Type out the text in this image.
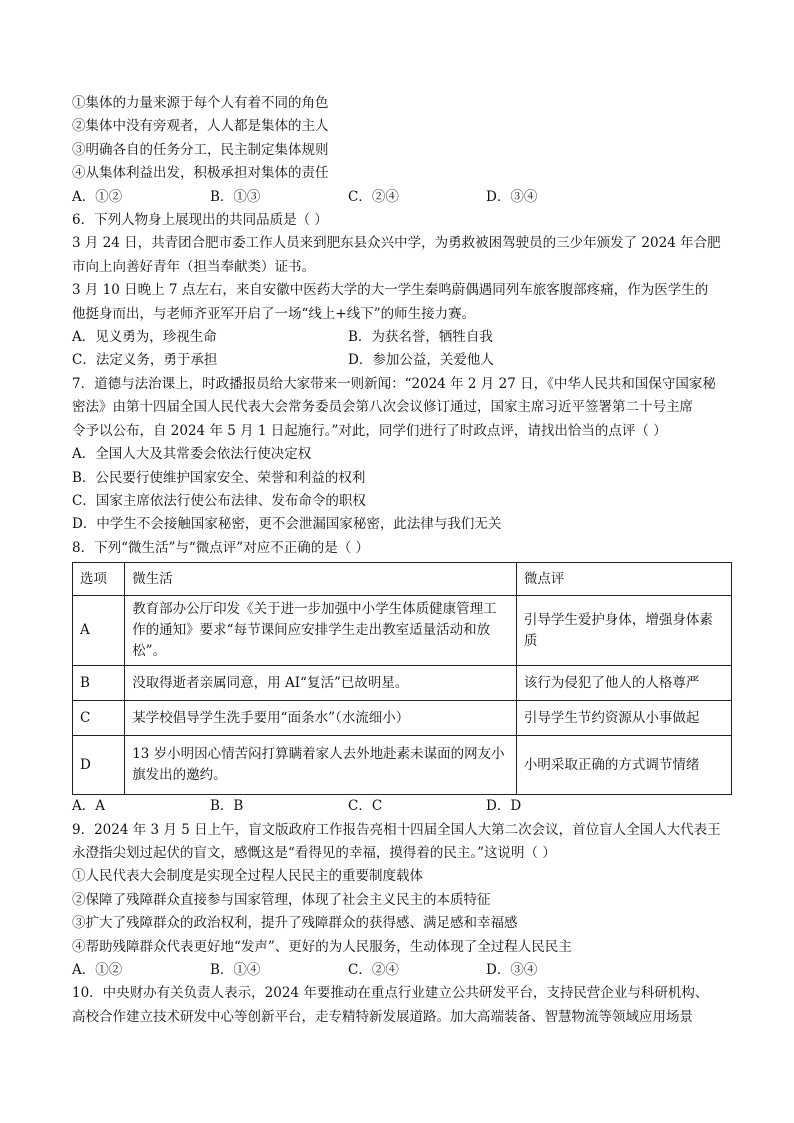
①集体的力量来源于每个人有着不同的角色
②集体中没有旁观者，人人都是集体的主人
③明确各自的任务分工，民主制定集体规则
④从集体利益出发，积极承担对集体的责任
A．①②	B．①③	C．②④	D．③④
6．下列人物身上展现出的共同品质是（ ）
3 月 24 日，共青团合肥市委工作人员来到肥东县众兴中学，为勇救被困驾驶员的三少年颁发了 2024 年合肥
市向上向善好青年（担当奉献类）证书。
3 月 10 日晚上 7 点左右，来自安徽中医药大学的大一学生秦鸣蔚偶遇同列车旅客腹部疼痛，作为医学生的
他挺身而出，与老师齐亚军开启了一场“线上+线下”的师生接力赛。
A．见义勇为，珍视生命	B．为获名誉，牺牲自我
C．法定义务，勇于承担	D．参加公益，关爱他人
7．道德与法治课上，时政播报员给大家带来一则新闻：“2024 年 2 月 27 日，《中华人民共和国保守国家秘
密法》由第十四届全国人民代表大会常务委员会第八次会议修订通过，国家主席习近平签署第二十号主席
令予以公布，自 2024 年 5 月 1 日起施行。”对此，同学们进行了时政点评，请找出恰当的点评（ ）
A．全国人大及其常委会依法行使决定权
B．公民要行使维护国家安全、荣誉和利益的权利
C．国家主席依法行使公布法律、发布命令的职权
D．中学生不会接触国家秘密，更不会泄漏国家秘密，此法律与我们无关
8．下列“微生活”与“微点评”对应不正确的是（ ）
选项	微生活	微点评
A	教育部办公厅印发《关于进一步加强中小学生体质健康管理工作的通知》要求“每节课间应安排学生走出教室适量活动和放松”。	引导学生爱护身体，增强身体素质
B	没取得逝者亲属同意，用 AI“复活”已故明星。	该行为侵犯了他人的人格尊严
C	某学校倡导学生洗手要用“面条水”（水流细小）	引导学生节约资源从小事做起
D	13 岁小明因心情苦闷打算瞒着家人去外地赴素未谋面的网友小旗发出的邀约。	小明采取正确的方式调节情绪
A．A	B．B	C．C	D．D
9．2024 年 3 月 5 日上午，盲文版政府工作报告亮相十四届全国人大第二次会议，首位盲人全国人大代表王
永澄指尖划过起伏的盲文，感慨这是“看得见的幸福，摸得着的民主。”这说明（ ）
①人民代表大会制度是实现全过程人民民主的重要制度载体
②保障了残障群众直接参与国家管理，体现了社会主义民主的本质特征
③扩大了残障群众的政治权利，提升了残障群众的获得感、满足感和幸福感
④帮助残障群众代表更好地“发声”、更好的为人民服务，生动体现了全过程人民民主
A．①②	B．①④	C．②④	D．③④
10．中央财办有关负责人表示，2024 年要推动在重点行业建立公共研发平台，支持民营企业与科研机构、
高校合作建立技术研发中心等创新平台，走专精特新发展道路。加大高端装备、智慧物流等领域应用场景
